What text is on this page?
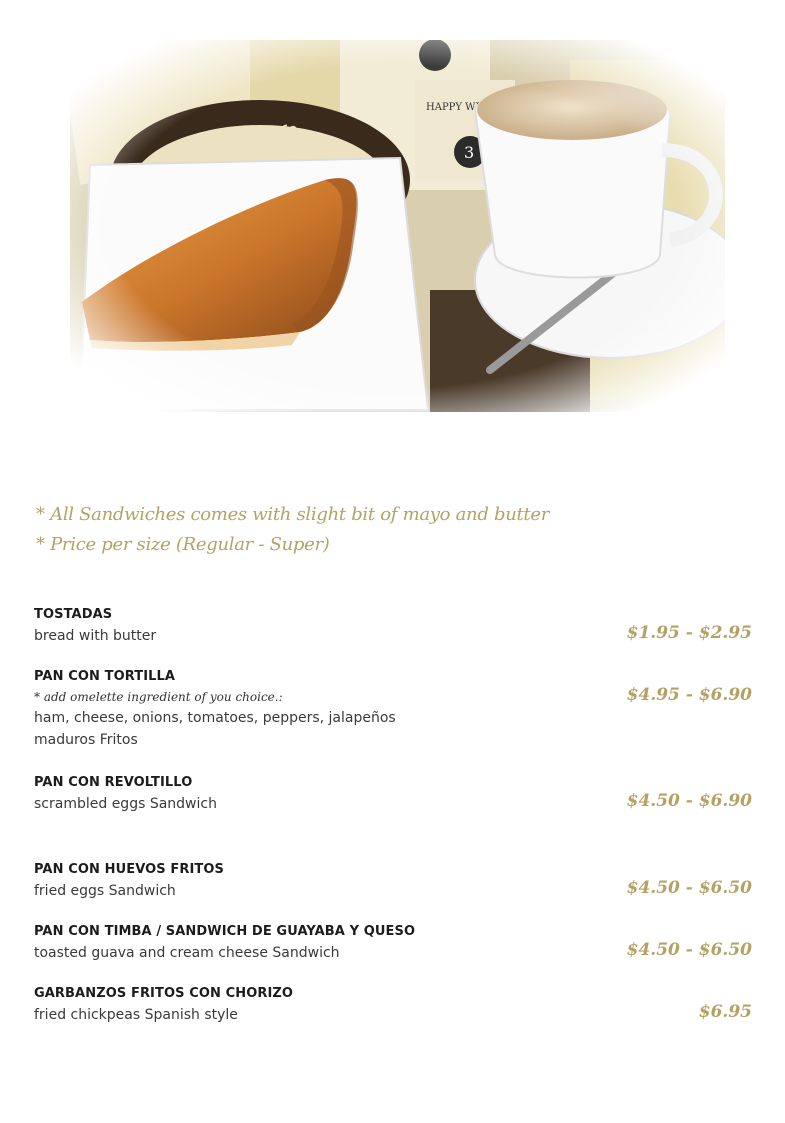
* All Sandwiches comes with slight bit of mayo and butter
* Price per size (Regular - Super)
TOSTADAS
bread with butter	$1.95 - $2.95
PAN CON TORTILLA
* add omelette ingredient of you choice.:
ham, cheese, onions, tomatoes, peppers, jalapeños
maduros Fritos
$4.95 - $6.90
PAN CON REVOLTILLO
scrambled eggs Sandwich	$4.50 - $6.90
PAN CON HUEVOS FRITOS
fried eggs Sandwich	$4.50 - $6.50
PAN CON TIMBA / SANDWICH DE GUAYABA Y QUESO
toasted guava and cream cheese Sandwich	$4.50 - $6.50
GARBANZOS FRITOS CON CHORIZO
fried chickpeas Spanish style	$6.95
